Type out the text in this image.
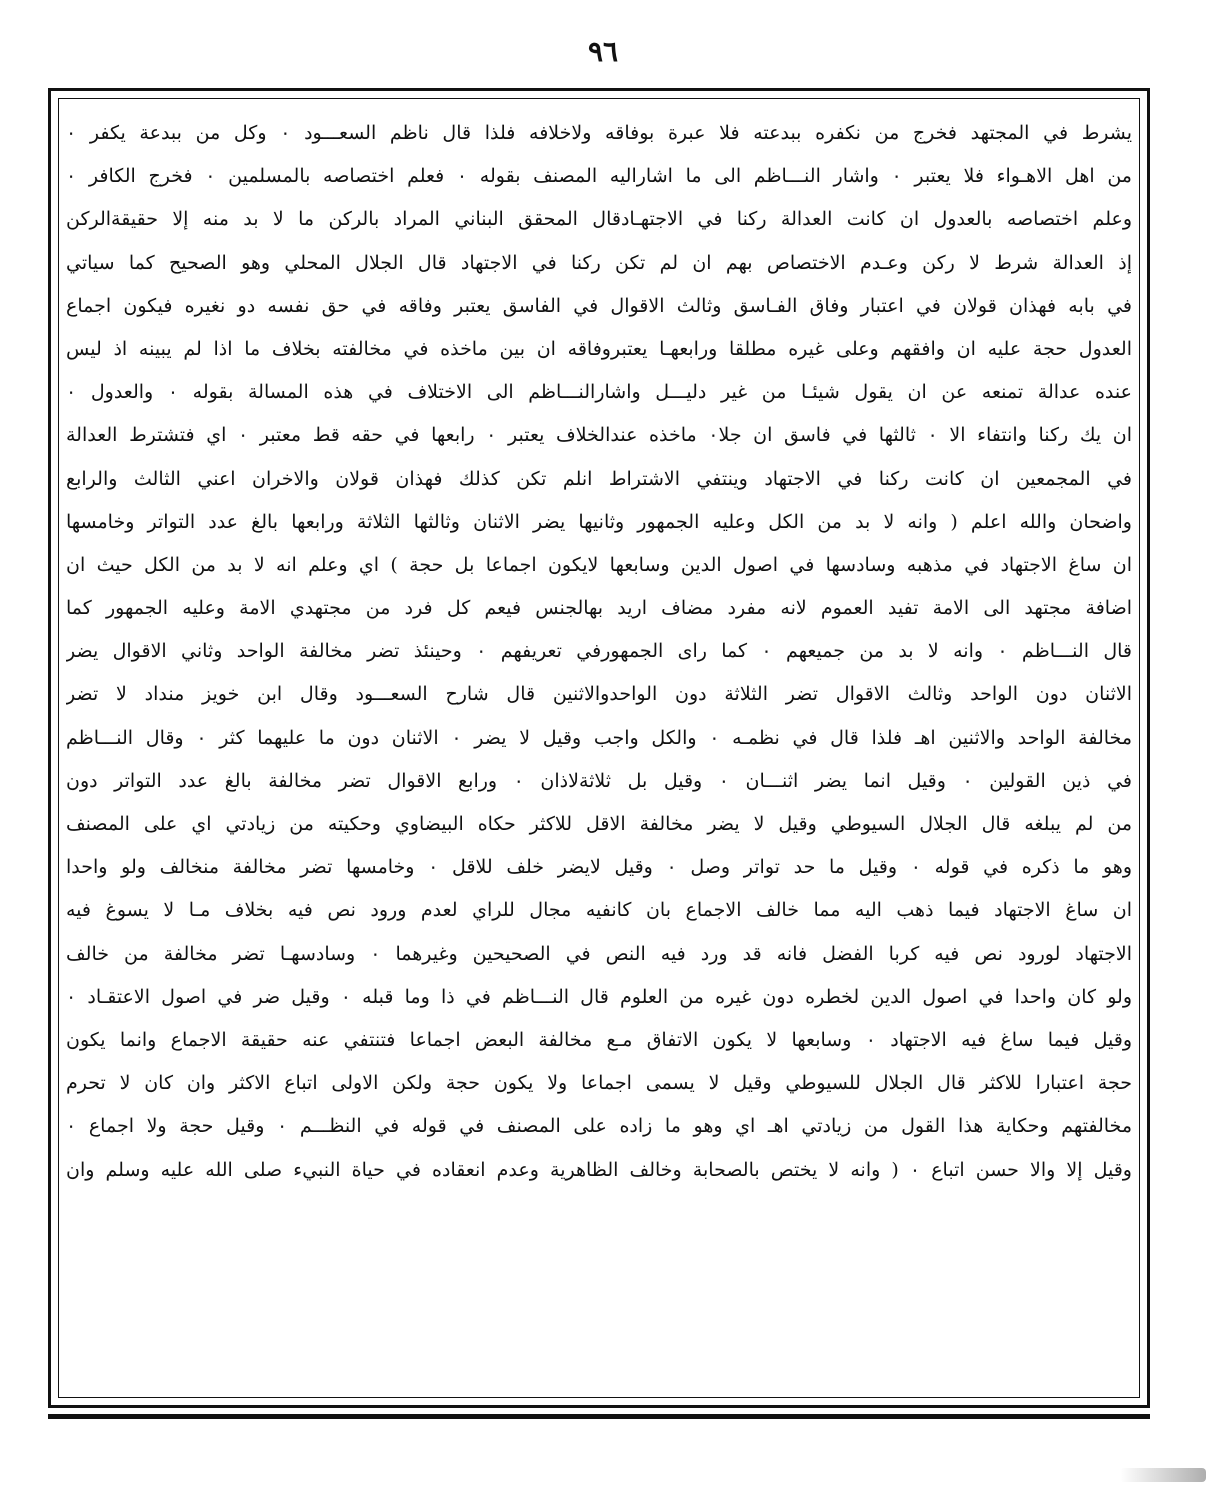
٩٦
يشرط في المجتهد فخرج من نكفره ببدعته فلا عبرة بوفاقه ولاخلافه فلذا قال ناظم السعـــود ٠ وكل من ببدعة يكفر ٠
من اهل الاهـواء فلا يعتبر ٠ واشار النـــاظم الى ما اشاراليه المصنف بقوله ٠ فعلم اختصاصه بالمسلمين ٠ فخرج الكافر ٠
وعلم اختصاصه بالعدول ان كانت العدالة ركنا في الاجتهـادقال المحقق البناني المراد بالركن ما لا بد منه إلا حقيقةالركن
إذ العدالة شرط لا ركن وعـدم الاختصاص بهم ان لم تكن ركنا في الاجتهاد قال الجلال المحلي وهو الصحيح كما سياتي
في بابه فهذان قولان في اعتبار وفاق الفـاسق وثالث الاقوال في الفاسق يعتبر وفاقه في حق نفسه دو نغيره فيكون اجماع
العدول حجة عليه ان وافقهم وعلى غيره مطلقا ورابعهـا يعتبروفاقه ان بين ماخذه في مخالفته بخلاف ما اذا لم يبينه اذ ليس
عنده عدالة تمنعه عن ان يقول شيئـا من غير دليـــل واشارالنـــاظم الى الاختلاف في هذه المسالة بقوله ٠ والعدول ٠
ان يك ركنا وانتفاء الا ٠ ثالثها في فاسق ان جلا٠ ماخذه عندالخلاف يعتبر ٠ رابعها في حقه قط معتبر ٠ اي فتشترط العدالة
في المجمعين ان كانت ركنا في الاجتهاد وينتفي الاشتراط انلم تكن كذلك فهذان قولان والاخران اعني الثالث والرابع
واضحان والله اعلم ( وانه لا بد من الكل وعليه الجمهور وثانيها يضر الاثنان وثالثها الثلاثة ورابعها بالغ عدد التواتر وخامسها
ان ساغ الاجتهاد في مذهبه وسادسها في اصول الدين وسابعها لايكون اجماعا بل حجة ) اي وعلم انه لا بد من الكل حيث ان
اضافة مجتهد الى الامة تفيد العموم لانه مفرد مضاف اريد بهالجنس فيعم كل فرد من مجتهدي الامة وعليه الجمهور كما
قال النـــاظم ٠ وانه لا بد من جميعهم ٠ كما راى الجمهورفي تعريفهم ٠ وحينئذ تضر مخالفة الواحد وثاني الاقوال يضر
الاثنان دون الواحد وثالث الاقوال تضر الثلاثة دون الواحدوالاثنين قال شارح السعـــود وقال ابن خويز منداد لا تضر
مخالفة الواحد والاثنين اهـ فلذا قال في نظمـه ٠ والكل واجب وقيل لا يضر ٠ الاثنان دون ما عليهما كثر ٠ وقال النـــاظم
في ذين القولين ٠ وقيل انما يضر اثنـــان ٠ وقيل بل ثلاثةلاذان ٠ ورابع الاقوال تضر مخالفة بالغ عدد التواتر دون
من لم يبلغه قال الجلال السيوطي وقيل لا يضر مخالفة الاقل للاكثر حكاه البيضاوي وحكيته من زيادتي اي على المصنف
وهو ما ذكره في قوله ٠ وقيل ما حد تواتر وصل ٠ وقيل لايضر خلف للاقل ٠ وخامسها تضر مخالفة منخالف ولو واحدا
ان ساغ الاجتهاد فيما ذهب اليه مما خالف الاجماع بان كانفيه مجال للراي لعدم ورود نص فيه بخلاف مـا لا يسوغ فيه
الاجتهاد لورود نص فيه كربا الفضل فانه قد ورد فيه النص في الصحيحين وغيرهما ٠ وسادسهـا تضر مخالفة من خالف
ولو كان واحدا في اصول الدين لخطره دون غيره من العلوم قال النـــاظم في ذا وما قبله ٠ وقيل ضر في اصول الاعتقـاد ٠
وقيل فيما ساغ فيه الاجتهاد ٠ وسابعها لا يكون الاتفاق مـع مخالفة البعض اجماعا فتنتفي عنه حقيقة الاجماع وانما يكون
حجة اعتبارا للاكثر قال الجلال للسيوطي وقيل لا يسمى اجماعا ولا يكون حجة ولكن الاولى اتباع الاكثر وان كان لا تحرم
مخالفتهم وحكاية هذا القول من زيادتي اهـ اي وهو ما زاده على المصنف في قوله في النظـــم ٠ وقيل حجة ولا اجماع ٠
وقيل إلا والا حسن اتباع ٠ ( وانه لا يختص بالصحابة وخالف الظاهرية وعدم انعقاده في حياة النبيء صلى الله عليه وسلم وان
